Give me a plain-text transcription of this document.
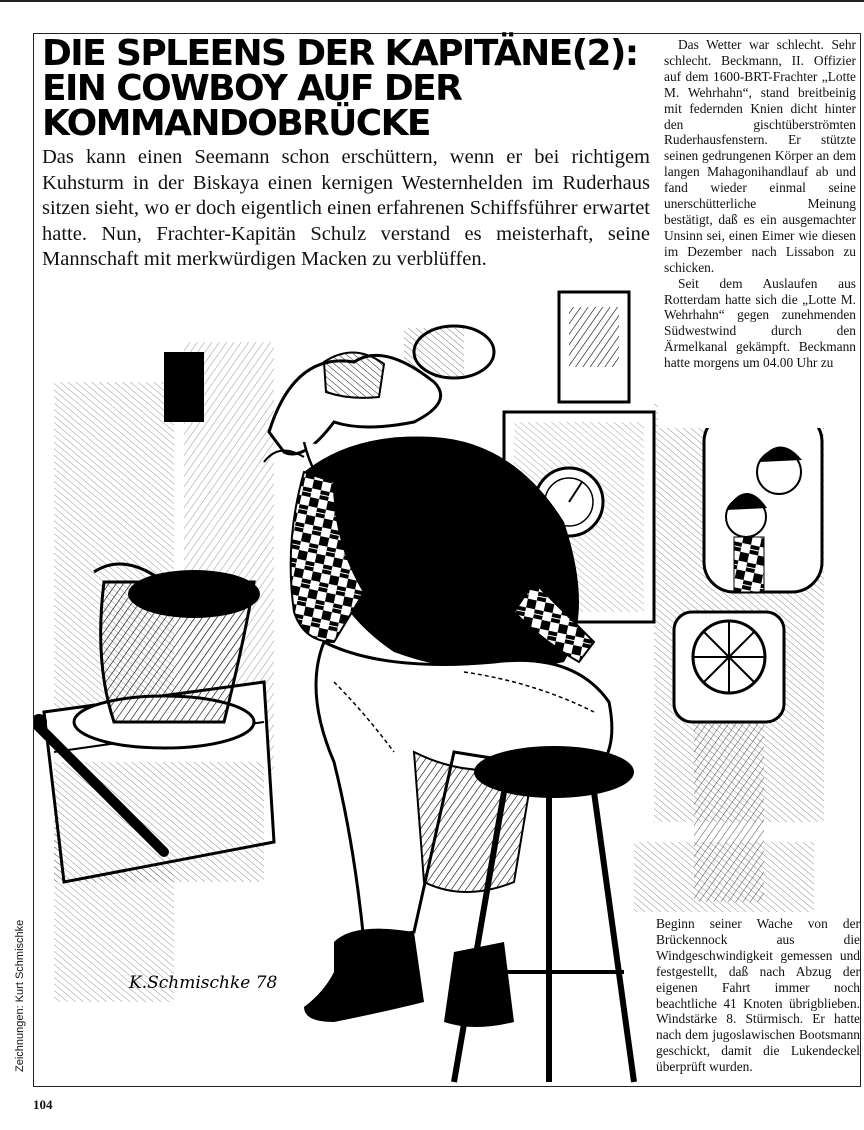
K.Schmischke 78
DIE SPLEENS DER KAPITÄNE(2):
EIN COWBOY AUF DER
KOMMANDOBRÜCKE

Das kann einen Seemann schon erschüttern, wenn er bei richtigem Kuhsturm in der Biskaya einen kernigen Westernhelden im Ruderhaus sitzen sieht, wo er doch eigentlich einen erfahrenen Schiffsführer erwartet hatte. Nun, Frachter-Kapitän Schulz verstand es meisterhaft, seine Mannschaft mit merkwürdigen Macken zu verblüffen.

Das Wetter war schlecht. Sehr schlecht. Beckmann, II. Offizier auf dem 1600-BRT-Frachter „Lotte M. Wehrhahn“, stand breitbeinig mit federnden Knien dicht hinter den gischtüberströmten Ruderhausfenstern. Er stützte seinen gedrungenen Körper an dem langen Mahagonihandlauf ab und fand wieder einmal seine unerschütterliche Meinung bestätigt, daß es ein ausgemachter Unsinn sei, einen Eimer wie diesen im Dezember nach Lissabon zu schicken.

Seit dem Auslaufen aus Rotterdam hatte sich die „Lotte M. Wehrhahn“ gegen zunehmenden Südwestwind durch den Ärmelkanal gekämpft. Beckmann hatte morgens um 04.00 Uhr zu

Beginn seiner Wache von der Brückennock aus die Windgeschwindigkeit gemessen und festgestellt, daß nach Abzug der eigenen Fahrt immer noch beachtliche 41 Knoten übrigblieben. Windstärke 8. Stürmisch. Er hatte nach dem jugoslawischen Bootsmann geschickt, damit die Lukendeckel überprüft wurden.

Zeichnungen: Kurt Schmischke
104
